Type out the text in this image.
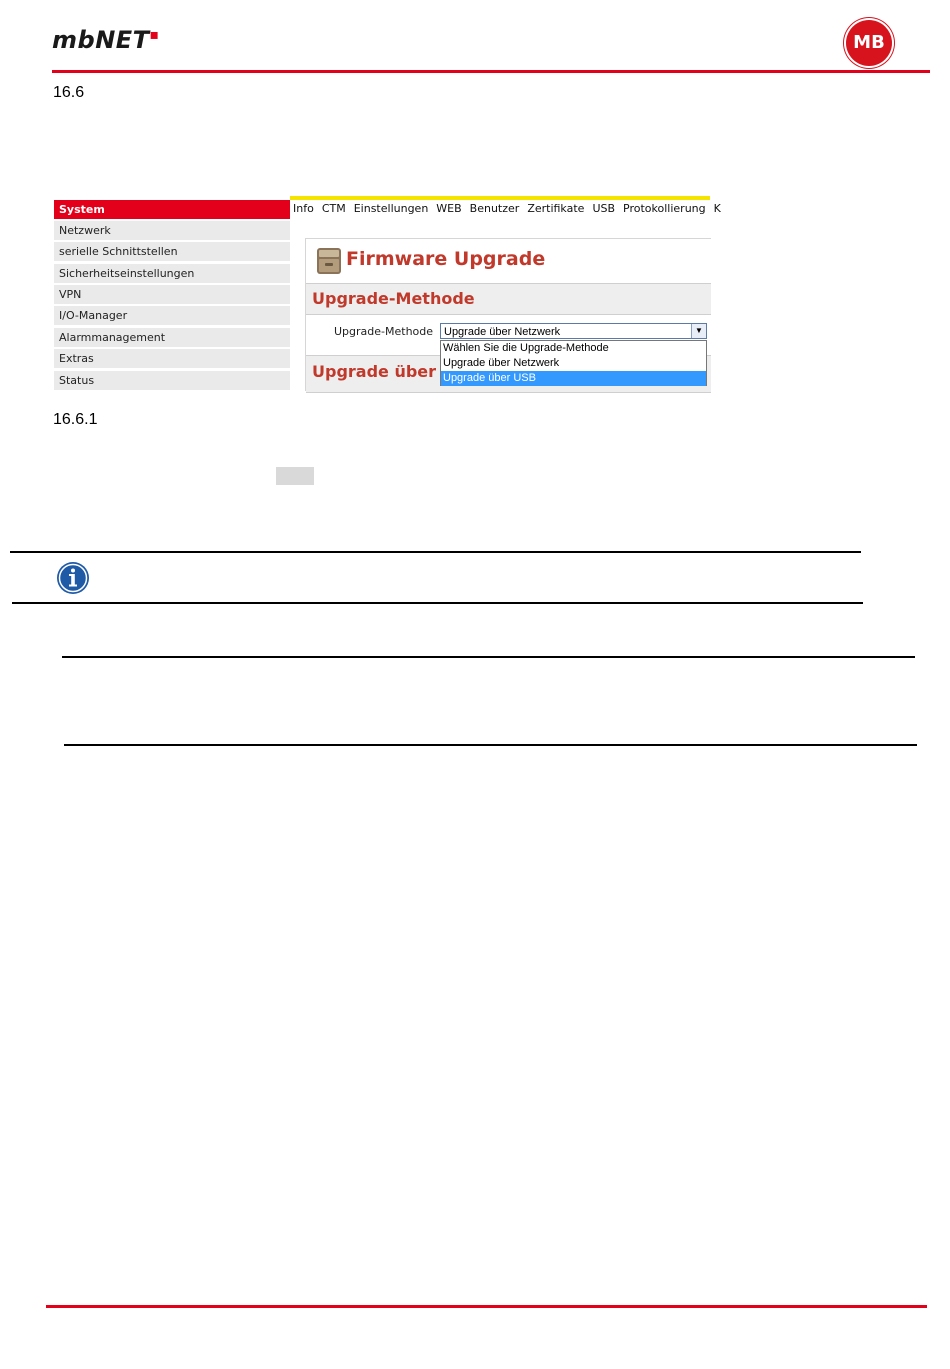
mbNET▪	MB
16.6
System
Netzwerk
serielle Schnittstellen
Sicherheitseinstellungen
VPN
I/O-Manager
Alarmmanagement
Extras
Status
Info CTM Einstellungen WEB Benutzer Zertifikate USB Protokollierung K
Firmware Upgrade
Upgrade-Methode
Upgrade-Methode
Upgrade über
Upgrade über Netzwerk	▼
Wählen Sie die Upgrade-Methode
Upgrade über Netzwerk
Upgrade über USB
16.6.1
